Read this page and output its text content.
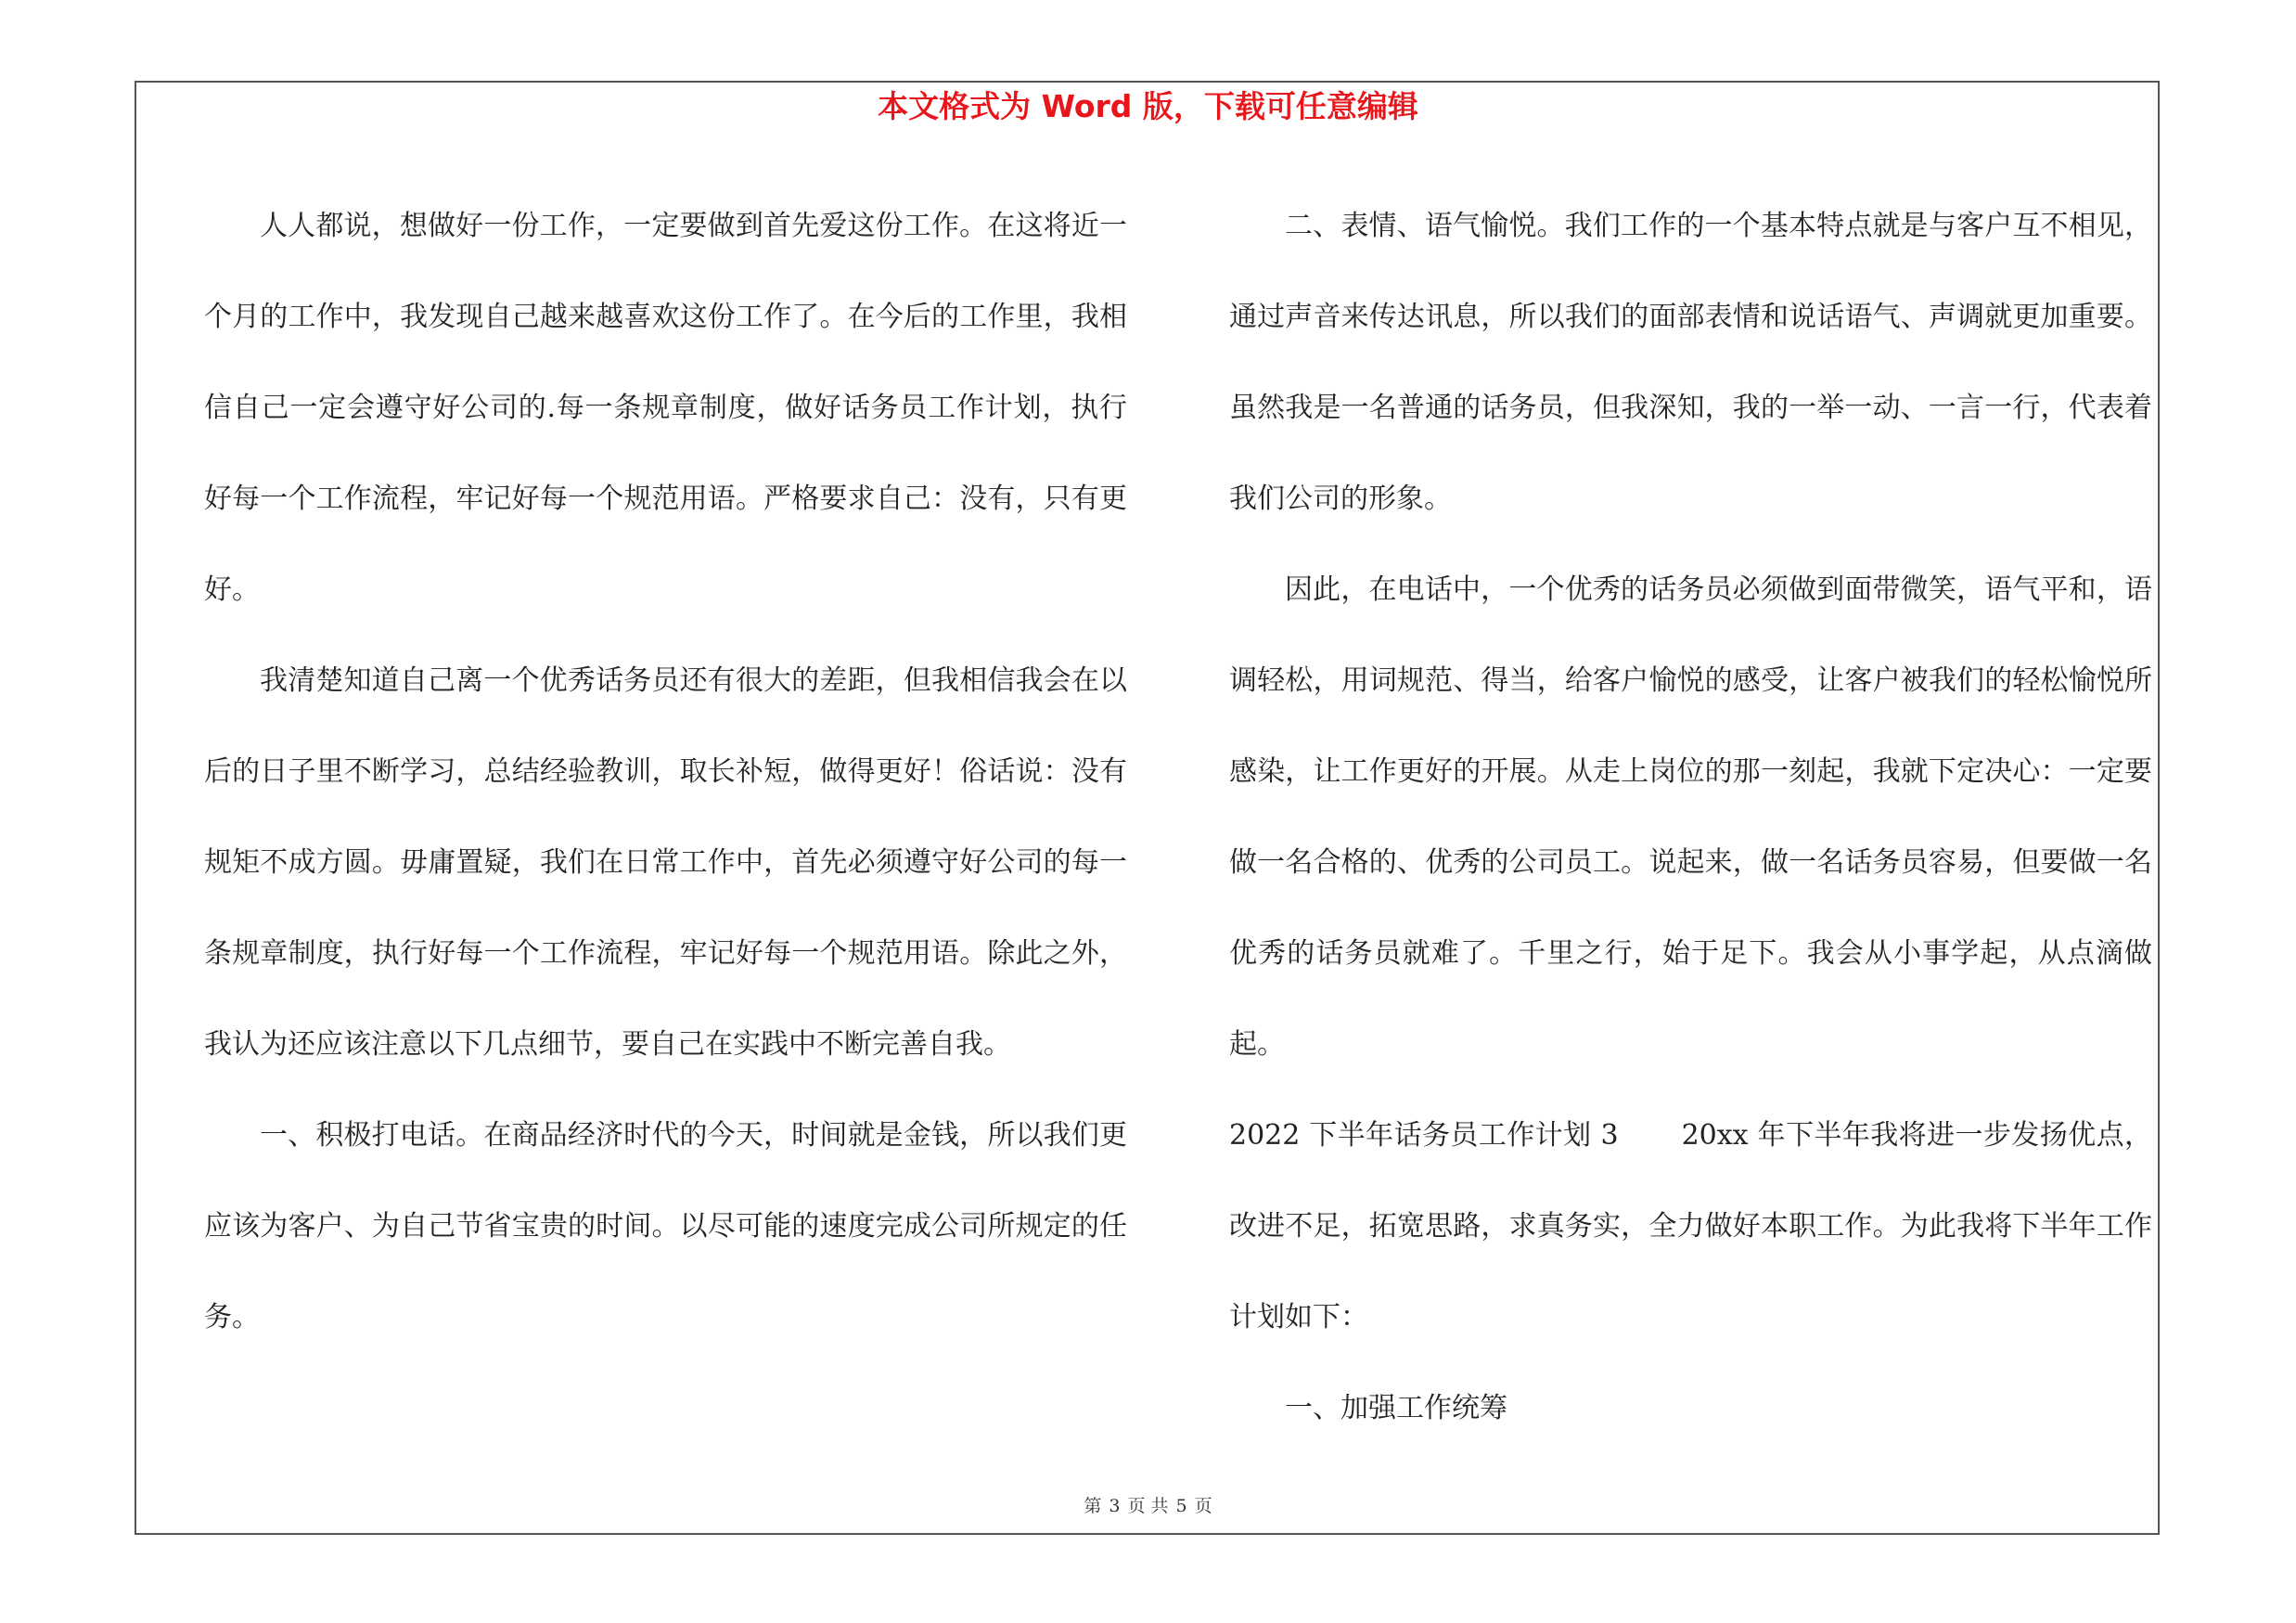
本文格式为 Word 版，下载可任意编辑

人人都说，想做好一份工作，一定要做到首先爱这份工作。在这将近一个月的工作中，我发现自己越来越喜欢这份工作了。在今后的工作里，我相信自己一定会遵守好公司的.每一条规章制度，做好话务员工作计划，执行好每一个工作流程，牢记好每一个规范用语。严格要求自己：没有，只有更好。

我清楚知道自己离一个优秀话务员还有很大的差距，但我相信我会在以后的日子里不断学习，总结经验教训，取长补短，做得更好！俗话说：没有规矩不成方圆。毋庸置疑，我们在日常工作中，首先必须遵守好公司的每一条规章制度，执行好每一个工作流程，牢记好每一个规范用语。除此之外，我认为还应该注意以下几点细节，要自己在实践中不断完善自我。

一、积极打电话。在商品经济时代的今天，时间就是金钱，所以我们更应该为客户、为自己节省宝贵的时间。以尽可能的速度完成公司所规定的任务。

二、表情、语气愉悦。我们工作的一个基本特点就是与客户互不相见，通过声音来传达讯息，所以我们的面部表情和说话语气、声调就更加重要。虽然我是一名普通的话务员，但我深知，我的一举一动、一言一行，代表着我们公司的形象。

因此，在电话中，一个优秀的话务员必须做到面带微笑，语气平和，语调轻松，用词规范、得当，给客户愉悦的感受，让客户被我们的轻松愉悦所感染，让工作更好的开展。从走上岗位的那一刻起，我就下定决心：一定要做一名合格的、优秀的公司员工。说起来，做一名话务员容易，但要做一名优秀的话务员就难了。千里之行，始于足下。我会从小事学起，从点滴做起。

2022 下半年话务员工作计划 3 20xx 年下半年我将进一步发扬优点，改进不足，拓宽思路，求真务实，全力做好本职工作。为此我将下半年工作计划如下：

一、加强工作统筹

第 3 页 共 5 页
